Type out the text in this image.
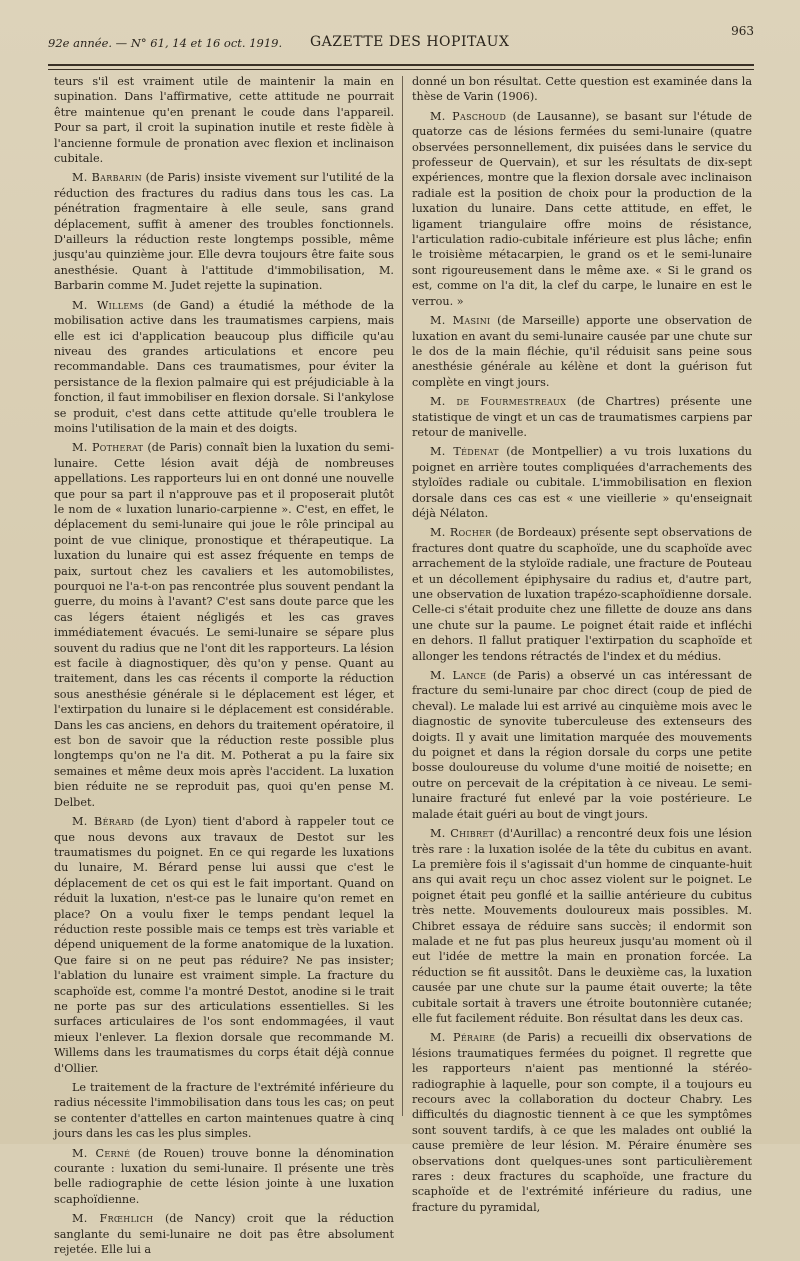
92e année. — N° 61, 14 et 16 oct. 1919. GAZETTE DES HOPITAUX
963

teurs s'il est vraiment utile de maintenir la main en supination. Dans l'affirmative, cette attitude ne pourrait être maintenue qu'en prenant le coude dans l'appareil. Pour sa part, il croit la supination inutile et reste fidèle à l'ancienne formule de pronation avec flexion et inclinaison cubitale.

M. Barbarin (de Paris) insiste vivement sur l'utilité de la réduction des fractures du radius dans tous les cas. La pénétration fragmentaire à elle seule, sans grand déplacement, suffit à amener des troubles fonctionnels. D'ailleurs la réduction reste longtemps possible, même jusqu'au quinzième jour. Elle devra toujours être faite sous anesthésie. Quant à l'attitude d'immobilisation, M. Barbarin comme M. Judet rejette la supination.

M. Willems (de Gand) a étudié la méthode de la mobilisation active dans les traumatismes carpiens, mais elle est ici d'application beaucoup plus difficile qu'au niveau des grandes articulations et encore peu recommandable. Dans ces traumatismes, pour éviter la persistance de la flexion palmaire qui est préjudiciable à la fonction, il faut immobiliser en flexion dorsale. Si l'ankylose se produit, c'est dans cette attitude qu'elle troublera le moins l'utilisation de la main et des doigts.

M. Potherat (de Paris) connaît bien la luxation du semi-lunaire. Cette lésion avait déjà de nombreuses appellations. Les rapporteurs lui en ont donné une nouvelle que pour sa part il n'approuve pas et il proposerait plutôt le nom de « luxation lunario-carpienne ». C'est, en effet, le déplacement du semi-lunaire qui joue le rôle principal au point de vue clinique, pronostique et thérapeutique. La luxation du lunaire qui est assez fréquente en temps de paix, surtout chez les cavaliers et les automobilistes, pourquoi ne l'a-t-on pas rencontrée plus souvent pendant la guerre, du moins à l'avant? C'est sans doute parce que les cas légers étaient négligés et les cas graves immédiatement évacués. Le semi-lunaire se sépare plus souvent du radius que ne l'ont dit les rapporteurs. La lésion est facile à diagnostiquer, dès qu'on y pense. Quant au traitement, dans les cas récents il comporte la réduction sous anesthésie générale si le déplacement est léger, et l'extirpation du lunaire si le déplacement est considérable. Dans les cas anciens, en dehors du traitement opératoire, il est bon de savoir que la réduction reste possible plus longtemps qu'on ne l'a dit. M. Potherat a pu la faire six semaines et même deux mois après l'accident. La luxation bien réduite ne se reproduit pas, quoi qu'en pense M. Delbet.

M. Bérard (de Lyon) tient d'abord à rappeler tout ce que nous devons aux travaux de Destot sur les traumatismes du poignet. En ce qui regarde les luxations du lunaire, M. Bérard pense lui aussi que c'est le déplacement de cet os qui est le fait important. Quand on réduit la luxation, n'est-ce pas le lunaire qu'on remet en place? On a voulu fixer le temps pendant lequel la réduction reste possible mais ce temps est très variable et dépend uniquement de la forme anatomique de la luxation. Que faire si on ne peut pas réduire? Ne pas insister; l'ablation du lunaire est vraiment simple. La fracture du scaphoïde est, comme l'a montré Destot, anodine si le trait ne porte pas sur des articulations essentielles. Si les surfaces articulaires de l'os sont endommagées, il vaut mieux l'enlever. La flexion dorsale que recommande M. Willems dans les traumatismes du corps était déjà connue d'Ollier.

Le traitement de la fracture de l'extrémité inférieure du radius nécessite l'immobilisation dans tous les cas; on peut se contenter d'attelles en carton maintenues quatre à cinq jours dans les cas les plus simples.

M. Cerné (de Rouen) trouve bonne la dénomination courante : luxation du semi-lunaire. Il présente une très belle radiographie de cette lésion jointe à une luxation scaphoïdienne.

M. Frœhlich (de Nancy) croit que la réduction sanglante du semi-lunaire ne doit pas être absolument rejetée. Elle lui a

donné un bon résultat. Cette question est examinée dans la thèse de Varin (1906).

M. Paschoud (de Lausanne), se basant sur l'étude de quatorze cas de lésions fermées du semi-lunaire (quatre observées personnellement, dix puisées dans le service du professeur de Quervain), et sur les résultats de dix-sept expériences, montre que la flexion dorsale avec inclinaison radiale est la position de choix pour la production de la luxation du lunaire. Dans cette attitude, en effet, le ligament triangulaire offre moins de résistance, l'articulation radio-cubitale inférieure est plus lâche; enfin le troisième métacarpien, le grand os et le semi-lunaire sont rigoureusement dans le même axe. « Si le grand os est, comme on l'a dit, la clef du carpe, le lunaire en est le verrou. »

M. Masini (de Marseille) apporte une observation de luxation en avant du semi-lunaire causée par une chute sur le dos de la main fléchie, qu'il réduisit sans peine sous anesthésie générale au kélène et dont la guérison fut complète en vingt jours.

M. de Fourmestreaux (de Chartres) présente une statistique de vingt et un cas de traumatismes carpiens par retour de manivelle.

M. Tédenat (de Montpellier) a vu trois luxations du poignet en arrière toutes compliquées d'arrachements des styloïdes radiale ou cubitale. L'immobilisation en flexion dorsale dans ces cas est « une vieillerie » qu'enseignait déjà Nélaton.

M. Rocher (de Bordeaux) présente sept observations de fractures dont quatre du scaphoïde, une du scaphoïde avec arrachement de la styloïde radiale, une fracture de Pouteau et un décollement épiphysaire du radius et, d'autre part, une observation de luxation trapézo-scaphoïdienne dorsale. Celle-ci s'était produite chez une fillette de douze ans dans une chute sur la paume. Le poignet était raide et infléchi en dehors. Il fallut pratiquer l'extirpation du scaphoïde et allonger les tendons rétractés de l'index et du médius.

M. Lance (de Paris) a observé un cas intéressant de fracture du semi-lunaire par choc direct (coup de pied de cheval). Le malade lui est arrivé au cinquième mois avec le diagnostic de synovite tuberculeuse des extenseurs des doigts. Il y avait une limitation marquée des mouvements du poignet et dans la région dorsale du corps une petite bosse douloureuse du volume d'une moitié de noisette; en outre on percevait de la crépitation à ce niveau. Le semi-lunaire fracturé fut enlevé par la voie postérieure. Le malade était guéri au bout de vingt jours.

M. Chibret (d'Aurillac) a rencontré deux fois une lésion très rare : la luxation isolée de la tête du cubitus en avant. La première fois il s'agissait d'un homme de cinquante-huit ans qui avait reçu un choc assez violent sur le poignet. Le poignet était peu gonflé et la saillie antérieure du cubitus très nette. Mouvements douloureux mais possibles. M. Chibret essaya de réduire sans succès; il endormit son malade et ne fut pas plus heureux jusqu'au moment où il eut l'idée de mettre la main en pronation forcée. La réduction se fit aussitôt. Dans le deuxième cas, la luxation causée par une chute sur la paume était ouverte; la tête cubitale sortait à travers une étroite boutonnière cutanée; elle fut facilement réduite. Bon résultat dans les deux cas.

M. Péraire (de Paris) a recueilli dix observations de lésions traumatiques fermées du poignet. Il regrette que les rapporteurs n'aient pas mentionné la stéréo-radiographie à laquelle, pour son compte, il a toujours eu recours avec la collaboration du docteur Chabry. Les difficultés du diagnostic tiennent à ce que les symptômes sont souvent tardifs, à ce que les malades ont oublié la cause première de leur lésion. M. Péraire énumère ses observations dont quelques-unes sont particulièrement rares : deux fractures du scaphoïde, une fracture du scaphoïde et de l'extrémité inférieure du radius, une fracture du pyramidal,
